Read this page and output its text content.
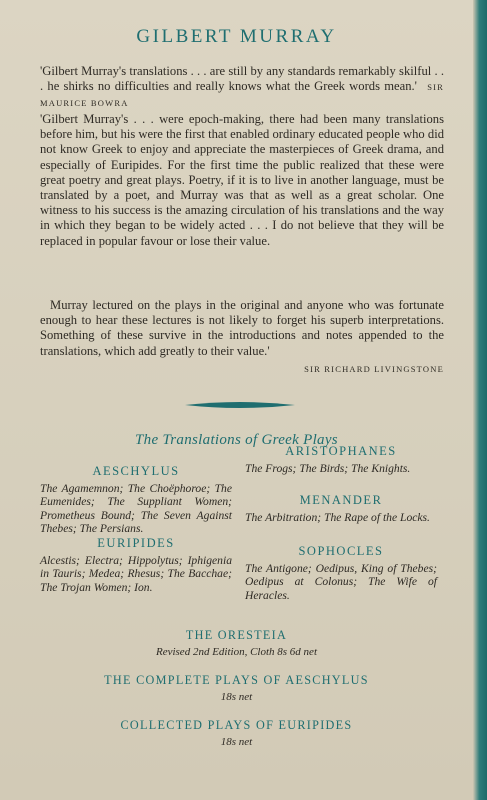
GILBERT MURRAY

'Gilbert Murray's translations . . . are still by any standards remarkably skilful . . . he shirks no difficulties and really knows what the Greek words mean.' SIR MAURICE BOWRA

'Gilbert Murray's . . . were epoch-making, there had been many translations before him, but his were the first that enabled ordinary educated people who did not know Greek to enjoy and appreciate the masterpieces of Greek drama, and especially of Euripides. For the first time the public realized that these were great poetry and great plays. Poetry, if it is to live in another language, must be translated by a poet, and Murray was that as well as a great scholar. One witness to his success is the amazing circulation of his translations and the way in which they began to be widely acted . . . I do not believe that they will be replaced in popular favour or lose their value.

Murray lectured on the plays in the original and anyone who was fortunate enough to hear these lectures is not likely to forget his superb interpretations. Something of these survive in the introductions and notes appended to the translations, which add greatly to their value.'

SIR RICHARD LIVINGSTONE
The Translations of Greek Plays
AESCHYLUS

The Agamemnon; The Choëphoroe; The Eumenides; The Suppliant Women; Prometheus Bound; The Seven Against Thebes; The Persians.

EURIPIDES

Alcestis; Electra; Hippolytus; Iphigenia in Tauris; Medea; Rhesus; The Bacchae; The Trojan Women; Ion.

ARISTOPHANES

The Frogs; The Birds; The Knights.

MENANDER

The Arbitration; The Rape of the Locks.

SOPHOCLES

The Antigone; Oedipus, King of Thebes; Oedipus at Colonus; The Wife of Heracles.

THE ORESTEIA
Revised 2nd Edition, Cloth 8s 6d net
THE COMPLETE PLAYS OF AESCHYLUS
18s net
COLLECTED PLAYS OF EURIPIDES
18s net
